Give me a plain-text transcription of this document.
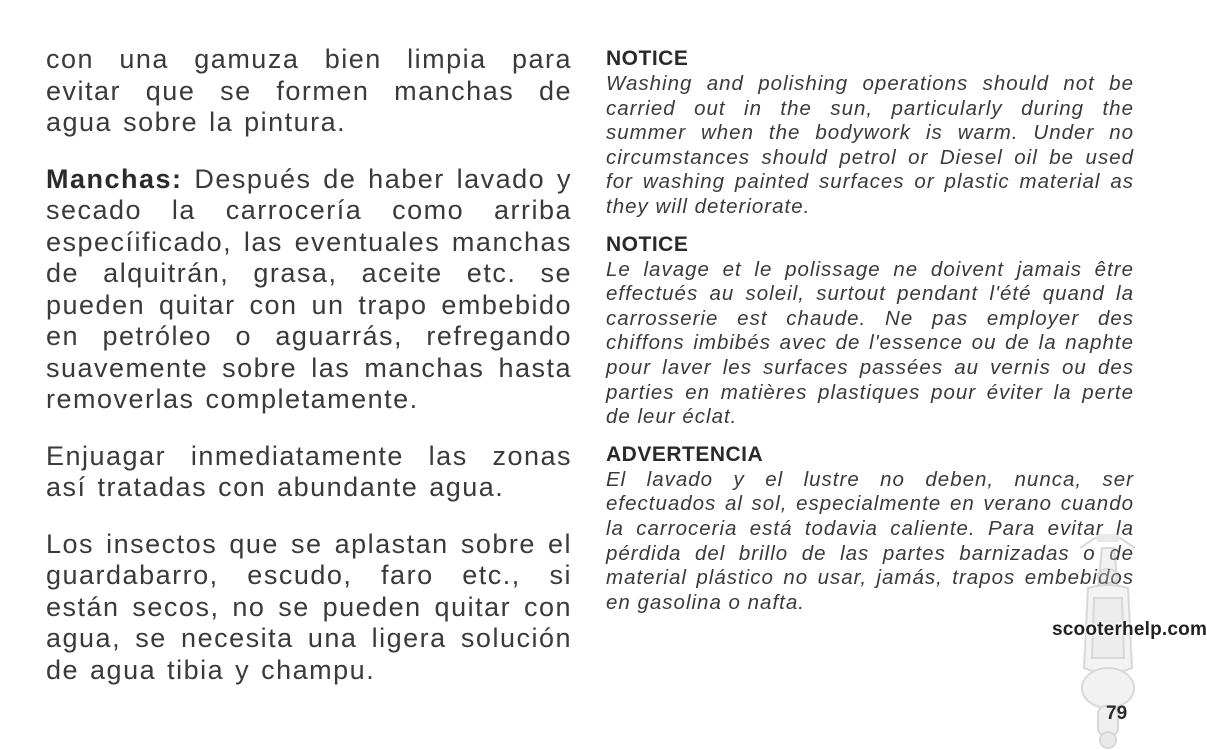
con una gamuza bien limpia para evitar que se formen manchas de agua sobre la pintura.

Manchas: Después de haber lavado y secado la carrocería como arriba especíificado, las eventuales manchas de alquitrán, grasa, aceite etc. se pueden quitar con un trapo embebido en petróleo o aguarrás, refregando suavemente sobre las manchas hasta removerlas completamente.

Enjuagar inmediatamente las zonas así tratadas con abundante agua.

Los insectos que se aplastan sobre el guardabarro, escudo, faro etc., si están secos, no se pueden quitar con agua, se necesita una ligera solución de agua tibia y champu.

NOTICE

Washing and polishing operations should not be carried out in the sun, particularly during the summer when the bodywork is warm. Under no circumstances should petrol or Diesel oil be used for washing painted surfaces or plastic material as they will deteriorate.

NOTICE

Le lavage et le polissage ne doivent jamais être effectués au soleil, surtout pendant l'été quand la carrosserie est chaude. Ne pas employer des chiffons imbibés avec de l'essence ou de la naphte pour laver les surfaces passées au vernis ou des parties en matières plastiques pour éviter la perte de leur éclat.

ADVERTENCIA

El lavado y el lustre no deben, nunca, ser efectuados al sol, especialmente en verano cuando la carroceria está todavia caliente. Para evitar la pérdida del brillo de las partes barnizadas o de material plástico no usar, jamás, trapos embebidos en gasolina o nafta.

scooterhelp.com
79
